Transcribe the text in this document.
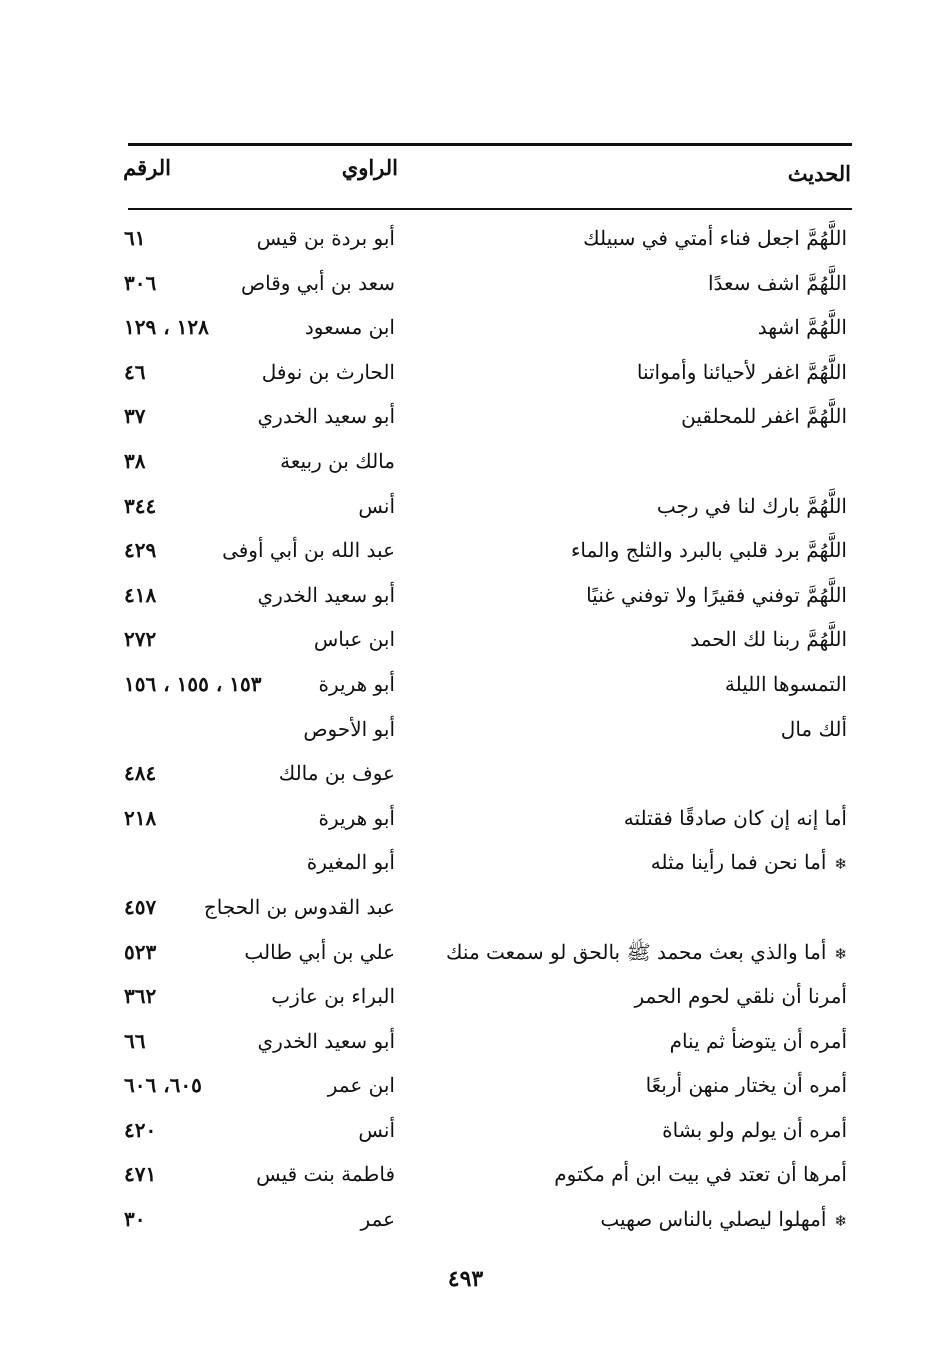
الحديث
الراوي
الرقم
اللَّهُمَّ اجعل فناء أمتي في سبيلك
أبو بردة بن قيس
٦١
اللَّهُمَّ اشف سعدًا
سعد بن أبي وقاص
٣٠٦
اللَّهُمَّ اشهد
ابن مسعود
١٢٨ ، ١٢٩
اللَّهُمَّ اغفر لأحيائنا وأمواتنا
الحارث بن نوفل
٤٦
اللَّهُمَّ اغفر للمحلقين
أبو سعيد الخدري
٣٧
مالك بن ربيعة
٣٨
اللَّهُمَّ بارك لنا في رجب
أنس
٣٤٤
اللَّهُمَّ برد قلبي بالبرد والثلج والماء
عبد الله بن أبي أوفى
٤٢٩
اللَّهُمَّ توفني فقيرًا ولا توفني غنيًا
أبو سعيد الخدري
٤١٨
اللَّهُمَّ ربنا لك الحمد
ابن عباس
٢٧٢
التمسوها الليلة
أبو هريرة
١٥٣ ، ١٥٥ ، ١٥٦
ألك مال
أبو الأحوص
عوف بن مالك
٤٨٤
أما إنه إن كان صادقًا فقتلته
أبو هريرة
٢١٨
❄أما نحن فما رأينا مثله
أبو المغيرة
عبد القدوس بن الحجاج
٤٥٧
❄أما والذي بعث محمد ﷺ بالحق لو سمعت منك
علي بن أبي طالب
٥٢٣
أمرنا أن نلقي لحوم الحمر
البراء بن عازب
٣٦٢
أمره أن يتوضأ ثم ينام
أبو سعيد الخدري
٦٦
أمره أن يختار منهن أربعًا
ابن عمر
٦٠٥، ٦٠٦
أمره أن يولم ولو بشاة
أنس
٤٢٠
أمرها أن تعتد في بيت ابن أم مكتوم
فاطمة بنت قيس
٤٧١
❄أمهلوا ليصلي بالناس صهيب
عمر
٣٠
٤٩٣
